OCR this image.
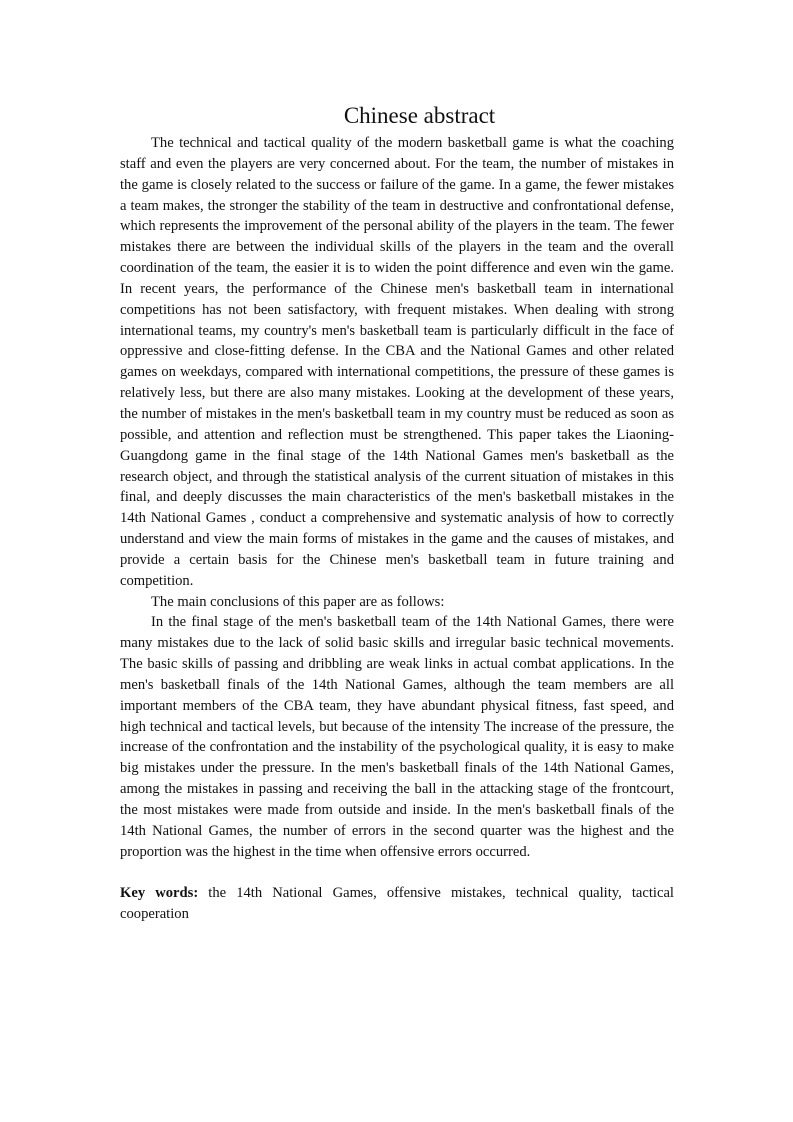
Chinese abstract

The technical and tactical quality of the modern basketball game is what the coaching staff and even the players are very concerned about. For the team, the number of mistakes in the game is closely related to the success or failure of the game. In a game, the fewer mistakes a team makes, the stronger the stability of the team in destructive and confrontational defense, which represents the improvement of the personal ability of the players in the team. The fewer mistakes there are between the individual skills of the players in the team and the overall coordination of the team, the easier it is to widen the point difference and even win the game. In recent years, the performance of the Chinese men's basketball team in international competitions has not been satisfactory, with frequent mistakes. When dealing with strong international teams, my country's men's basketball team is particularly difficult in the face of oppressive and close-fitting defense. In the CBA and the National Games and other related games on weekdays, compared with international competitions, the pressure of these games is relatively less, but there are also many mistakes. Looking at the development of these years, the number of mistakes in the men's basketball team in my country must be reduced as soon as possible, and attention and reflection must be strengthened. This paper takes the Liaoning-Guangdong game in the final stage of the 14th National Games men's basketball as the research object, and through the statistical analysis of the current situation of mistakes in this final, and deeply discusses the main characteristics of the men's basketball mistakes in the 14th National Games , conduct a comprehensive and systematic analysis of how to correctly understand and view the main forms of mistakes in the game and the causes of mistakes, and provide a certain basis for the Chinese men's basketball team in future training and competition.

The main conclusions of this paper are as follows:

In the final stage of the men's basketball team of the 14th National Games, there were many mistakes due to the lack of solid basic skills and irregular basic technical movements. The basic skills of passing and dribbling are weak links in actual combat applications. In the men's basketball finals of the 14th National Games, although the team members are all important members of the CBA team, they have abundant physical fitness, fast speed, and high technical and tactical levels, but because of the intensity The increase of the pressure, the increase of the confrontation and the instability of the psychological quality, it is easy to make big mistakes under the pressure. In the men's basketball finals of the 14th National Games, among the mistakes in passing and receiving the ball in the attacking stage of the frontcourt, the most mistakes were made from outside and inside. In the men's basketball finals of the 14th National Games, the number of errors in the second quarter was the highest and the proportion was the highest in the time when offensive errors occurred.

Key words: the 14th National Games, offensive mistakes, technical quality, tactical cooperation
